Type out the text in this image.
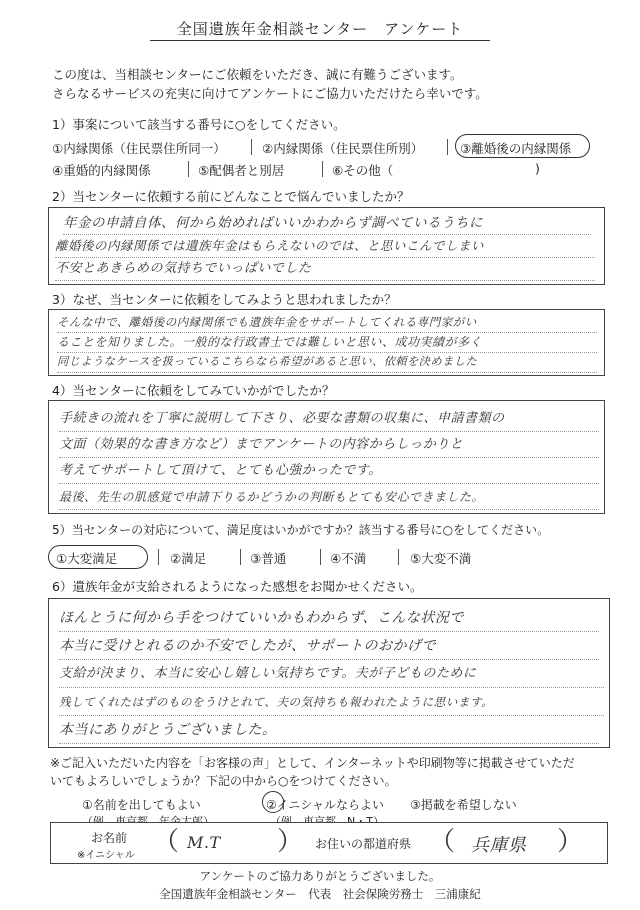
全国遺族年金相談センター　アンケート
この度は、当相談センターにご依頼をいただき、誠に有難うございます。
さらなるサービスの充実に向けてアンケートにご協力いただけたら幸いです。
1）事案について該当する番号に○をしてください。
①内縁関係（住民票住所同一）	②内縁関係（住民票住所別）	③離婚後の内縁関係
④重婚的内縁関係	⑤配偶者と別居	⑥その他（	)
2）当センターに依頼する前にどんなことで悩んでいましたか？
年金の申請自体、何から始めればいいかわからず調べているうちに
離婚後の内縁関係では遺族年金はもらえないのでは、と思いこんでしまい
不安とあきらめの気持ちでいっぱいでした
3）なぜ、当センターに依頼をしてみようと思われましたか？
そんな中で、離婚後の内縁関係でも遺族年金をサポートしてくれる専門家がい
ることを知りました。一般的な行政書士では難しいと思い、成功実績が多く
同じようなケースを扱っているこちらなら希望があると思い、依頼を決めました
4）当センターに依頼をしてみていかがでしたか？
手続きの流れを丁寧に説明して下さり、必要な書類の収集に、申請書類の
文面（効果的な書き方など）までアンケートの内容からしっかりと
考えてサポートして頂けて、とても心強かったです。
最後、先生の肌感覚で申請下りるかどうかの判断もとても安心できました。
5）当センターの対応について、満足度はいかがですか？該当する番号に○をしてください。
①大変満足	②満足	③普通	④不満	⑤大変不満
6）遺族年金が支給されるようになった感想をお聞かせください。
ほんとうに何から手をつけていいかもわからず、こんな状況で
本当に受けとれるのか不安でしたが、サポートのおかげで
支給が決まり、本当に安心し嬉しい気持ちです。夫が子どものために
残してくれたはずのものをうけとれて、夫の気持ちも報われたように思います。
本当にありがとうございました。
※ご記入いただいた内容を「お客様の声」として、インターネットや印刷物等に掲載させていただ
いてもよろしいでしょうか？下記の中から○をつけてください。
①名前を出してもよい	②イニシャルならよい ③掲載を希望しない
お名前
※イニシャル （ M.T ） お住いの都道府県 （ 兵庫県 ）
アンケートのご協力ありがとうございました。
全国遺族年金相談センター　代表　社会保険労務士　三浦康紀
